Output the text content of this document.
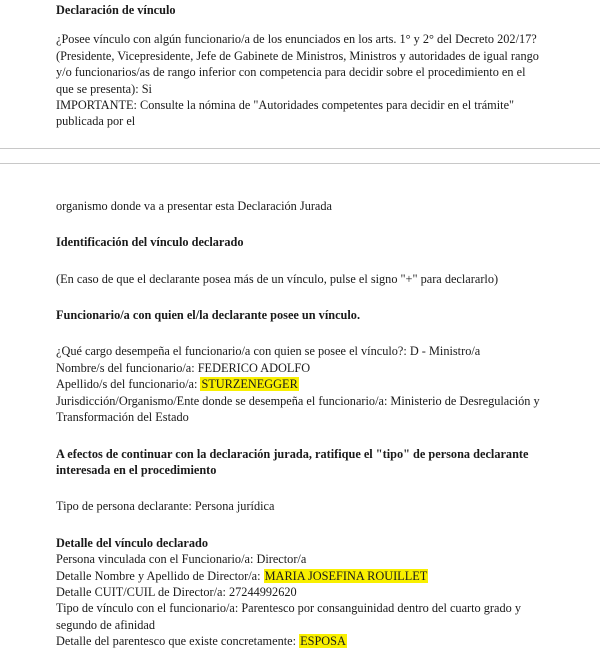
Declaración de vínculo

¿Posee vínculo con algún funcionario/a de los enunciados en los arts. 1° y 2° del Decreto 202/17? (Presidente, Vicepresidente, Jefe de Gabinete de Ministros, Ministros y autoridades de igual rango y/o funcionarios/as de rango inferior con competencia para decidir sobre el procedimiento en el que se presenta): Si

IMPORTANTE: Consulte la nómina de "Autoridades competentes para decidir en el trámite" publicada por el

organismo donde va a presentar esta Declaración Jurada

Identificación del vínculo declarado

(En caso de que el declarante posea más de un vínculo, pulse el signo "+" para declararlo)

Funcionario/a con quien el/la declarante posee un vínculo.

¿Qué cargo desempeña el funcionario/a con quien se posee el vínculo?: D - Ministro/a

Nombre/s del funcionario/a: FEDERICO ADOLFO

Apellido/s del funcionario/a: STURZENEGGER

Jurisdicción/Organismo/Ente donde se desempeña el funcionario/a: Ministerio de Desregulación y Transformación del Estado

A efectos de continuar con la declaración jurada, ratifique el "tipo" de persona declarante interesada en el procedimiento

Tipo de persona declarante: Persona jurídica

Detalle del vínculo declarado

Persona vinculada con el Funcionario/a: Director/a

Detalle Nombre y Apellido de Director/a: MARIA JOSEFINA ROUILLET

Detalle CUIT/CUIL de Director/a: 27244992620

Tipo de vínculo con el funcionario/a: Parentesco por consanguinidad dentro del cuarto grado y segundo de afinidad

Detalle del parentesco que existe concretamente: ESPOSA
